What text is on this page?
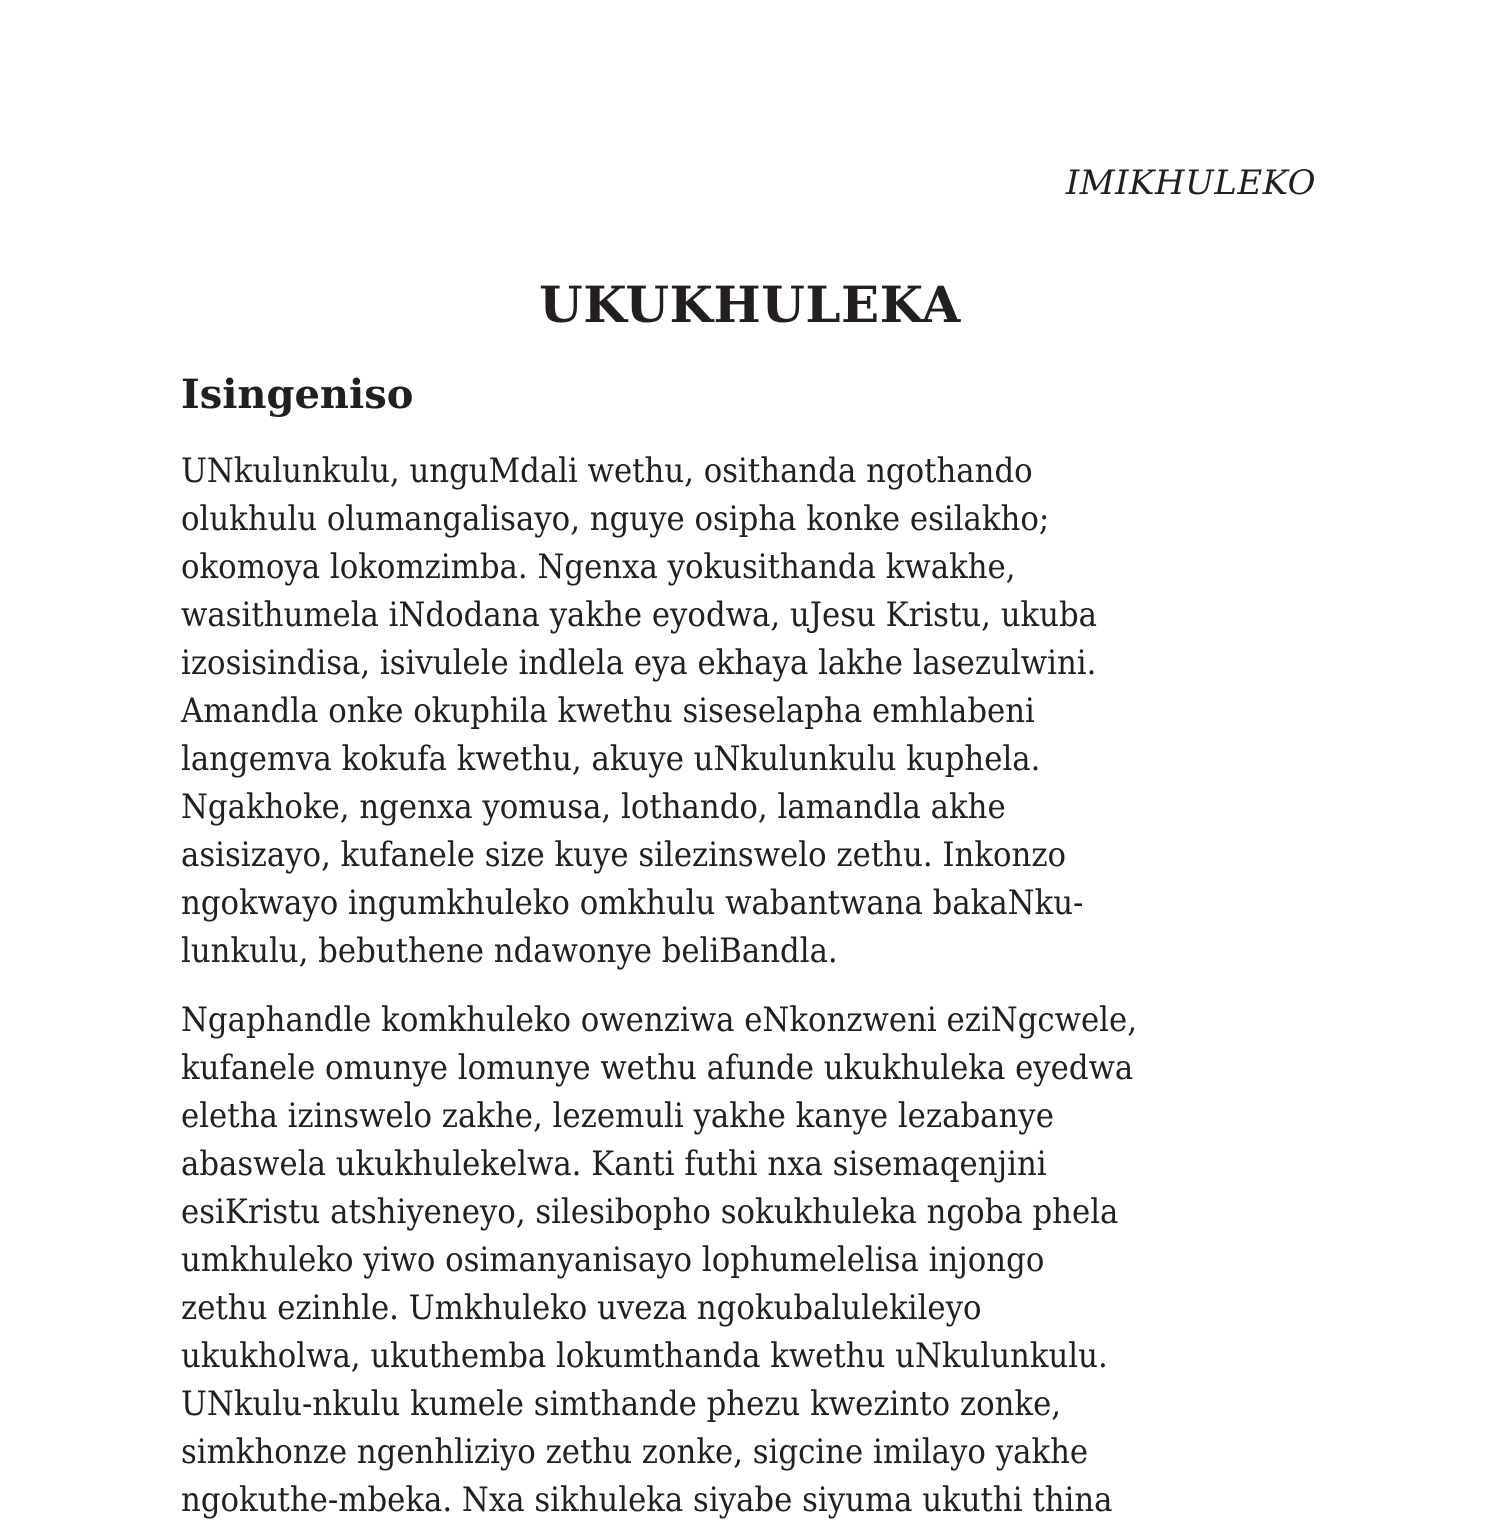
IMIKHULEKO
UKUKHULEKA
Isingeniso

UNkulunkulu, unguMdali wethu, osithanda ngothando
olukhulu olumangalisayo, nguye osipha konke esilakho;
okomoya lokomzimba. Ngenxa yokusithanda kwakhe,
wasithumela iNdodana yakhe eyodwa, uJesu Kristu, ukuba
izosisindisa, isivulele indlela eya ekhaya lakhe lasezulwini.
Amandla onke okuphila kwethu siseselapha emhlabeni
langemva kokufa kwethu, akuye uNkulunkulu kuphela.
Ngakhoke, ngenxa yomusa, lothando, lamandla akhe
asisizayo, kufanele size kuye silezinswelo zethu. Inkonzo
ngokwayo ingumkhuleko omkhulu wabantwana bakaNku-
lunkulu, bebuthene ndawonye beliBandla.

Ngaphandle komkhuleko owenziwa eNkonzweni eziNgcwele,
kufanele omunye lomunye wethu afunde ukukhuleka eyedwa
eletha izinswelo zakhe, lezemuli yakhe kanye lezabanye
abaswela ukukhulekelwa. Kanti futhi nxa sisemaqenjini
esiKristu atshiyeneyo, silesibopho sokukhuleka ngoba phela
umkhuleko yiwo osimanyanisayo lophumelelisa injongo
zethu ezinhle. Umkhuleko uveza ngokubalulekileyo
ukukholwa, ukuthemba lokumthanda kwethu uNkulunkulu.
UNkulu-nkulu kumele simthande phezu kwezinto zonke,
simkhonze ngenhliziyo zethu zonke, sigcine imilayo yakhe
ngokuthe-mbeka. Nxa sikhuleka siyabe siyuma ukuthi thina
